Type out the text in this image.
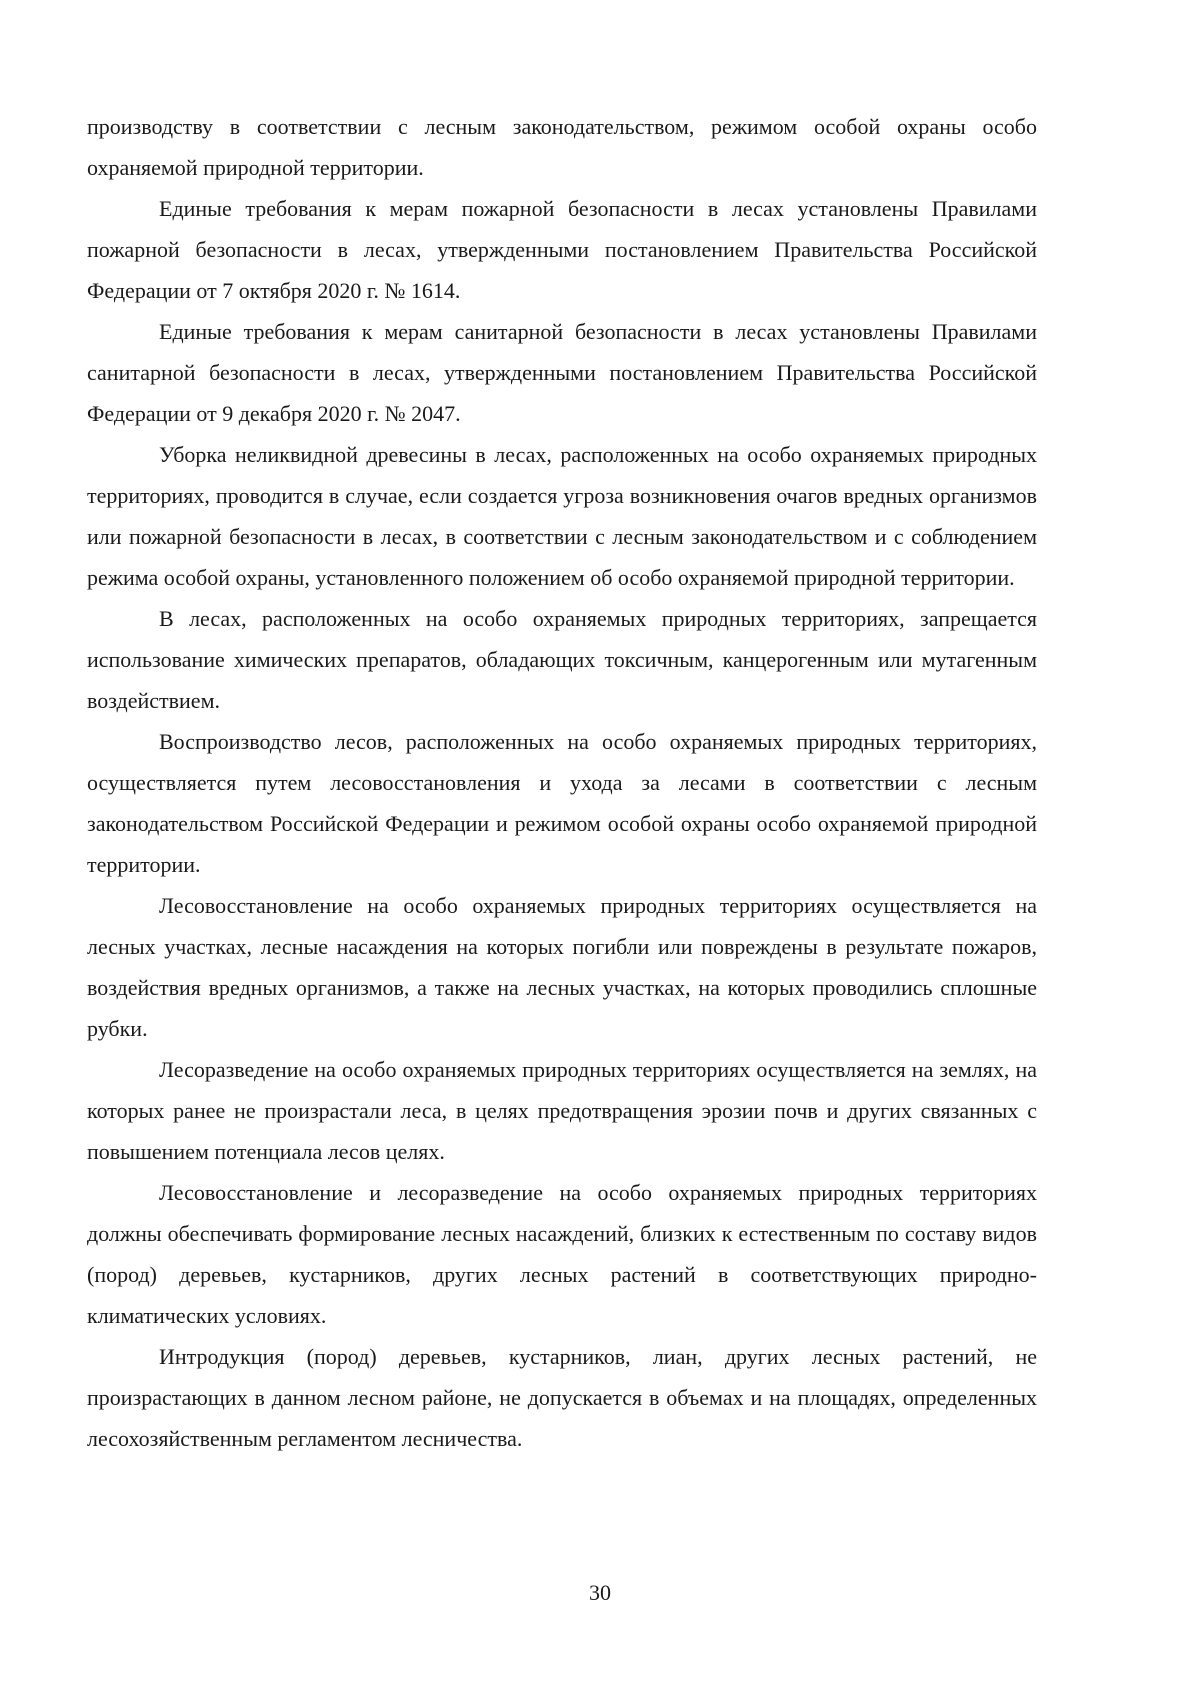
производству в соответствии с лесным законодательством, режимом особой охраны особо охраняемой природной территории.

Единые требования к мерам пожарной безопасности в лесах установлены Правилами пожарной безопасности в лесах, утвержденными постановлением Правительства Российской Федерации от 7 октября 2020 г. № 1614.

Единые требования к мерам санитарной безопасности в лесах установлены Правилами санитарной безопасности в лесах, утвержденными постановлением Правительства Российской Федерации от 9 декабря 2020 г. № 2047.

Уборка неликвидной древесины в лесах, расположенных на особо охраняемых природных территориях, проводится в случае, если создается угроза возникновения очагов вредных организмов или пожарной безопасности в лесах, в соответствии с лесным законодательством и с соблюдением режима особой охраны, установленного положением об особо охраняемой природной территории.

В лесах, расположенных на особо охраняемых природных территориях, запрещается использование химических препаратов, обладающих токсичным, канцерогенным или мутагенным воздействием.

Воспроизводство лесов, расположенных на особо охраняемых природных территориях, осуществляется путем лесовосстановления и ухода за лесами в соответствии с лесным законодательством Российской Федерации и режимом особой охраны особо охраняемой природной территории.

Лесовосстановление на особо охраняемых природных территориях осуществляется на лесных участках, лесные насаждения на которых погибли или повреждены в результате пожаров, воздействия вредных организмов, а также на лесных участках, на которых проводились сплошные рубки.

Лесоразведение на особо охраняемых природных территориях осуществляется на землях, на которых ранее не произрастали леса, в целях предотвращения эрозии почв и других связанных с повышением потенциала лесов целях.

Лесовосстановление и лесоразведение на особо охраняемых природных территориях должны обеспечивать формирование лесных насаждений, близких к естественным по составу видов (пород) деревьев, кустарников, других лесных растений в соответствующих природно-климатических условиях.

Интродукция (пород) деревьев, кустарников, лиан, других лесных растений, не произрастающих в данном лесном районе, не допускается в объемах и на площадях, определенных лесохозяйственным регламентом лесничества.

30
